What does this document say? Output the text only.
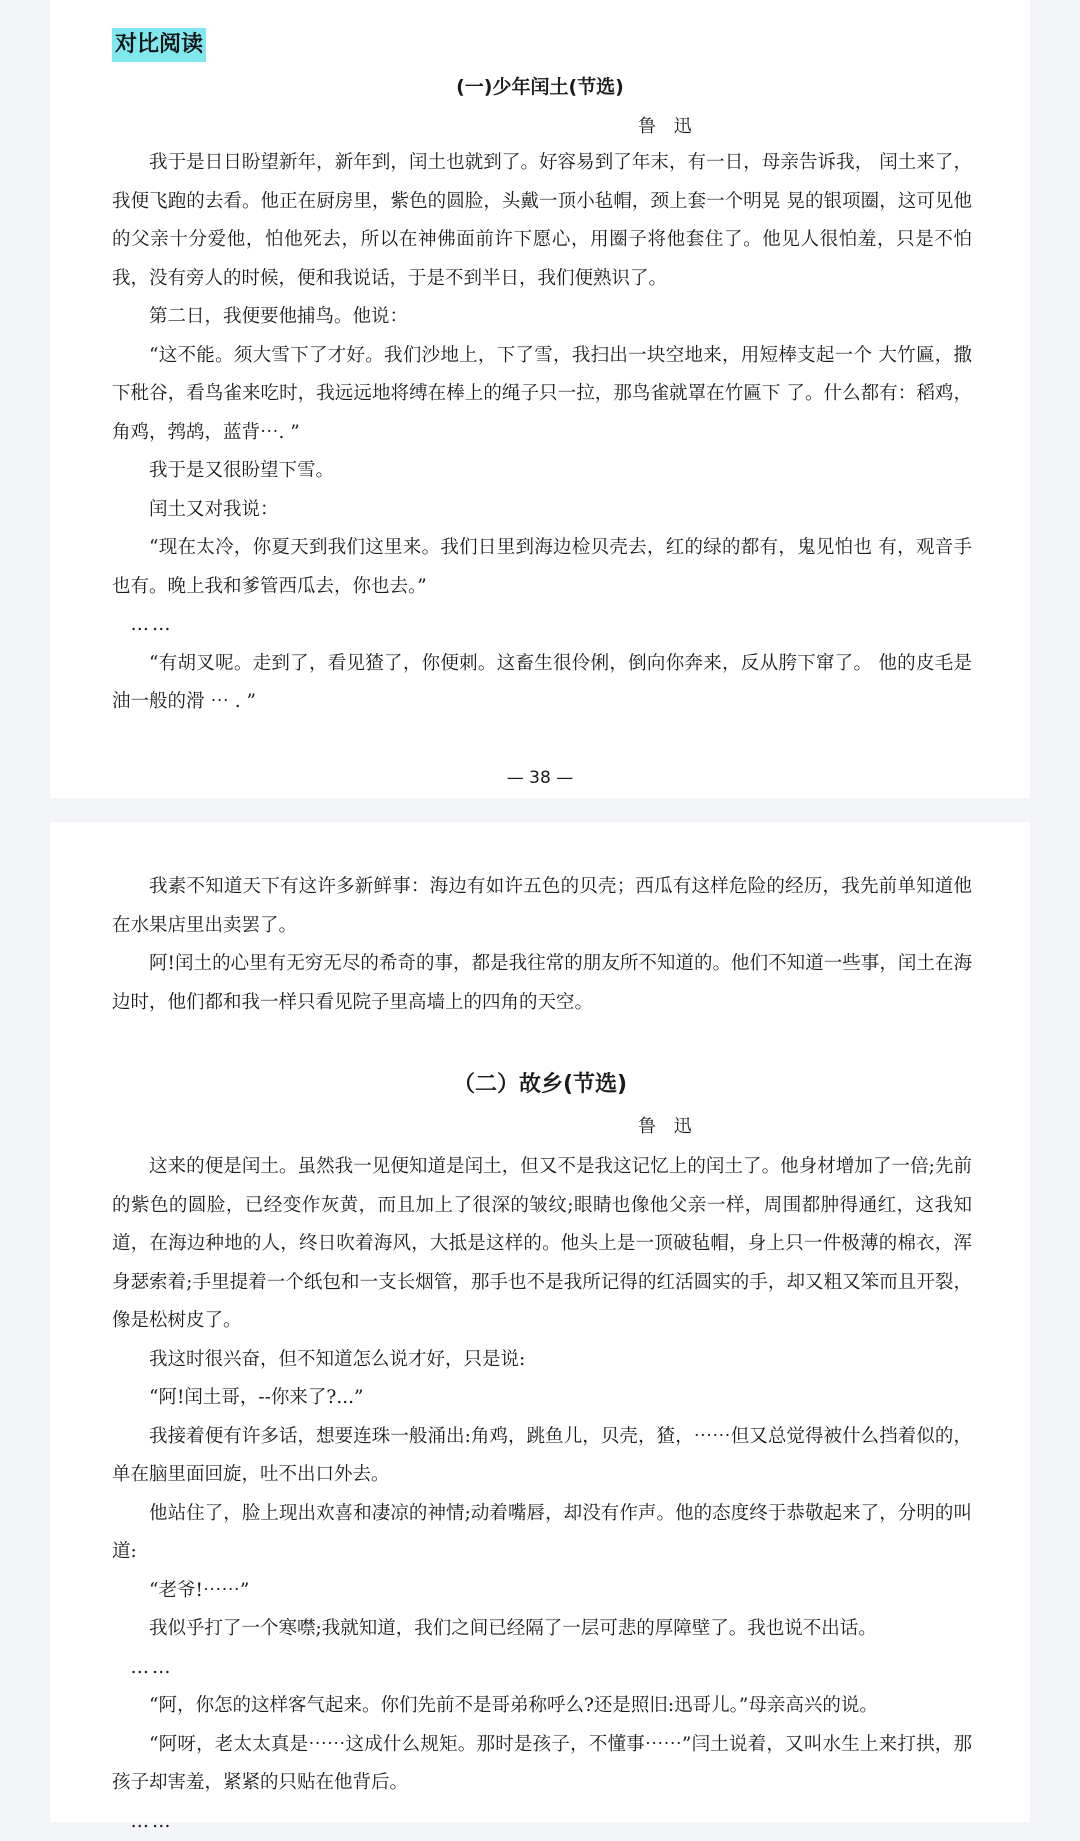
对比阅读
(一)少年闰土(节选)
鲁 迅

我于是日日盼望新年，新年到，闰土也就到了。好容易到了年末，有一日，母亲告诉我， 闰土来了，我便飞跑的去看。他正在厨房里，紫色的圆脸，头戴一顶小毡帽，颈上套一个明晃 晃的银项圈，这可见他的父亲十分爱他，怕他死去，所以在神佛面前许下愿心，用圈子将他套住了。他见人很怕羞，只是不怕我，没有旁人的时候，便和我说话，于是不到半日，我们便熟识了。

第二日，我便要他捕鸟。他说：

“这不能。须大雪下了才好。我们沙地上，下了雪，我扫出一块空地来，用短棒支起一个 大竹匾，撒下秕谷，看鸟雀来吃时，我远远地将缚在棒上的绳子只一拉，那鸟雀就罩在竹匾下 了。什么都有：稻鸡，角鸡，鹁鸪，蓝背⋯. ”

我于是又很盼望下雪。

闰土又对我说：

“现在太冷，你夏天到我们这里来。我们日里到海边检贝壳去，红的绿的都有，鬼见怕也 有，观音手也有。晚上我和爹管西瓜去，你也去。”

……

“有胡叉呢。走到了，看见猹了，你便刺。这畜生很伶俐，倒向你奔来，反从胯下窜了。 他的皮毛是油一般的滑 ⋯ . ”

— 38 —

我素不知道天下有这许多新鲜事：海边有如许五色的贝壳；西瓜有这样危险的经历，我先前单知道他在水果店里出卖罢了。

阿!闰土的心里有无穷无尽的希奇的事，都是我往常的朋友所不知道的。他们不知道一些事，闰土在海边时，他们都和我一样只看见院子里高墙上的四角的天空。

（二）故乡(节选)
鲁 迅

这来的便是闰土。虽然我一见便知道是闰土，但又不是我这记忆上的闰土了。他身材增加了一倍;先前的紫色的圆脸，已经变作灰黄，而且加上了很深的皱纹;眼睛也像他父亲一样，周围都肿得通红，这我知道，在海边种地的人，终日吹着海风，大抵是这样的。他头上是一顶破毡帽，身上只一件极薄的棉衣，浑身瑟索着;手里提着一个纸包和一支长烟管，那手也不是我所记得的红活圆实的手，却又粗又笨而且开裂，像是松树皮了。

我这时很兴奋，但不知道怎么说才好，只是说:

“阿!闰土哥，--你来了?...”

我接着便有许多话，想要连珠一般涌出:角鸡，跳鱼儿，贝壳，猹，⋯⋯但又总觉得被什么挡着似的，单在脑里面回旋，吐不出口外去。

他站住了，脸上现出欢喜和凄凉的神情;动着嘴唇，却没有作声。他的态度终于恭敬起来了，分明的叫道:

“老爷!⋯⋯”

我似乎打了一个寒噤;我就知道，我们之间已经隔了一层可悲的厚障壁了。我也说不出话。

……

“阿，你怎的这样客气起来。你们先前不是哥弟称呼么?还是照旧:迅哥儿。”母亲高兴的说。

“阿呀，老太太真是⋯⋯这成什么规矩。那时是孩子，不懂事⋯⋯”闫土说着，又叫水生上来打拱，那孩子却害羞，紧紧的只贴在他背后。

……
